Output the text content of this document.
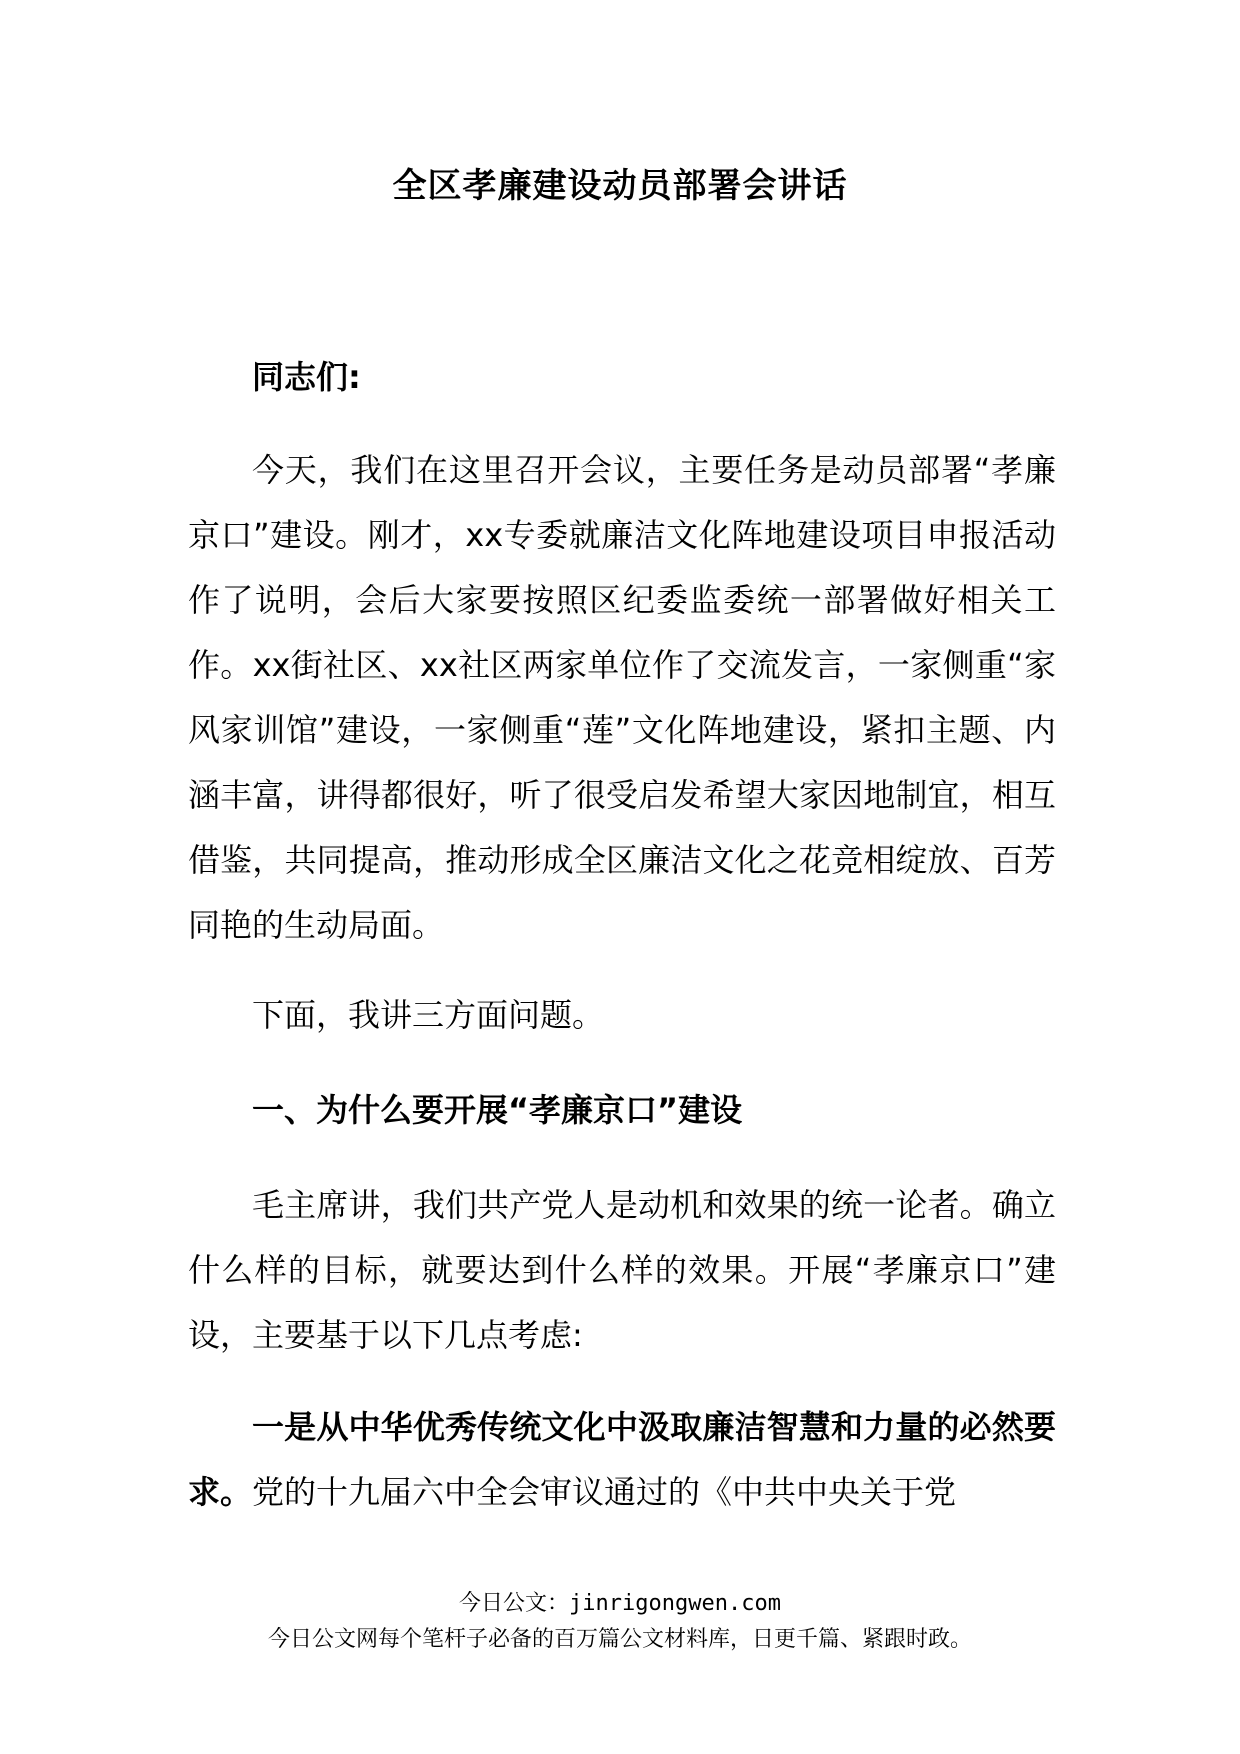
全区孝廉建设动员部署会讲话

同志们:

今天，我们在这里召开会议，主要任务是动员部署“孝廉京口”建设。刚才，xx专委就廉洁文化阵地建设项目申报活动作了说明，会后大家要按照区纪委监委统一部署做好相关工作。xx街社区、xx社区两家单位作了交流发言，一家侧重“家风家训馆”建设，一家侧重“莲”文化阵地建设，紧扣主题、内涵丰富，讲得都很好，听了很受启发希望大家因地制宜，相互借鉴，共同提高，推动形成全区廉洁文化之花竞相绽放、百芳同艳的生动局面。

下面，我讲三方面问题。

一、为什么要开展“孝廉京口”建设

毛主席讲，我们共产党人是动机和效果的统一论者。确立什么样的目标，就要达到什么样的效果。开展“孝廉京口”建设，主要基于以下几点考虑:

一是从中华优秀传统文化中汲取廉洁智慧和力量的必然要求。党的十九届六中全会审议通过的《中共中央关于党

今日公文：jinrigongwen.com
今日公文网每个笔杆子必备的百万篇公文材料库，日更千篇、紧跟时政。
